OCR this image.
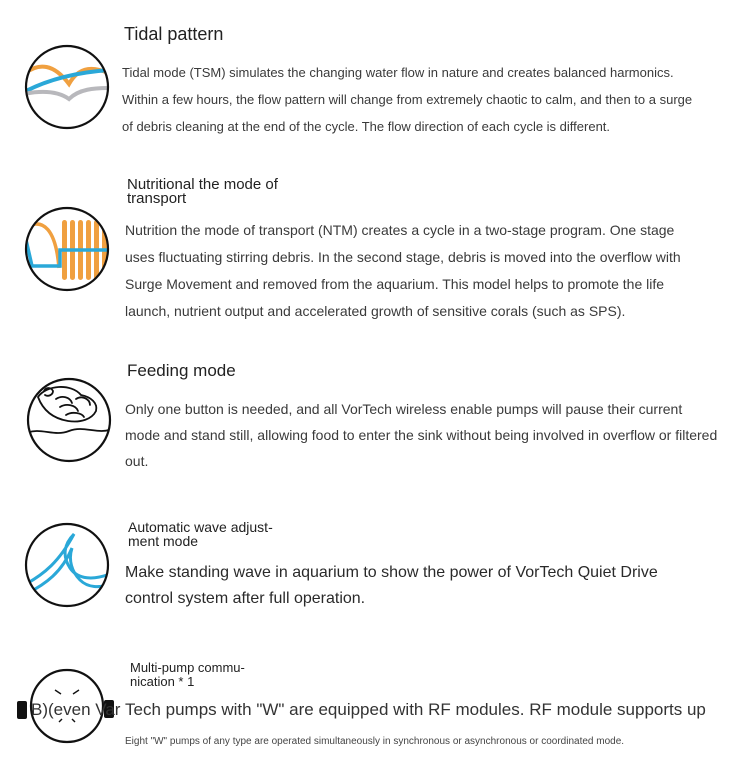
Tidal pattern
Tidal mode (TSM) simulates the changing water flow in nature and creates balanced harmonics.
Within a few hours, the flow pattern will change from extremely chaotic to calm, and then to a surge
of debris cleaning at the end of the cycle. The flow direction of each cycle is different.
Nutritional the mode of
transport
Nutrition the mode of transport (NTM) creates a cycle in a two-stage program. One stage
uses fluctuating stirring debris. In the second stage, debris is moved into the overflow with
Surge Movement and removed from the aquarium. This model helps to promote the life
launch, nutrient output and accelerated growth of sensitive corals (such as SPS).
Feeding mode
Only one button is needed, and all VorTech wireless enable pumps will pause their current
mode and stand still, allowing food to enter the sink without being involved in overflow or filtered
out.
Automatic wave adjust-
ment mode
Make standing wave in aquarium to show the power of VorTech Quiet Drive
control system after full operation.
B)(even Var
Multi-pump commu-
nication * 1
Tech pumps with "W" are equipped with RF modules. RF module supports up
Eight "W" pumps of any type are operated simultaneously in synchronous or asynchronous or coordinated mode.
